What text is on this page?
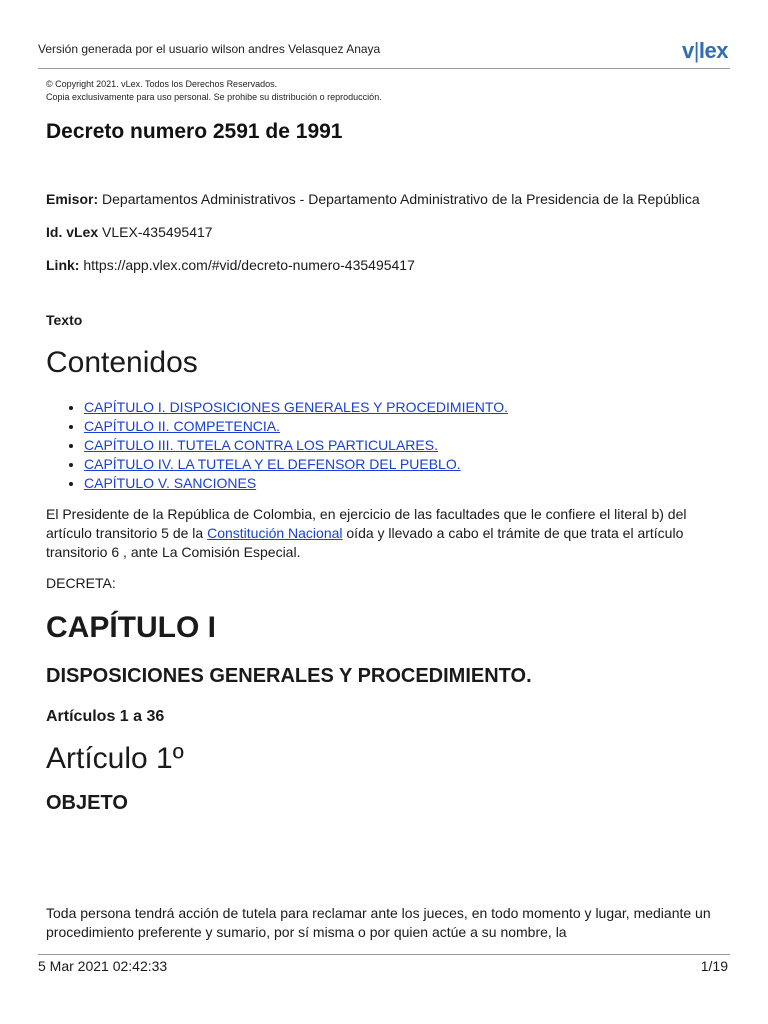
Versión generada por el usuario wilson andres Velasquez Anaya	v|lex
© Copyright 2021. vLex. Todos los Derechos Reservados.
Copia exclusivamente para uso personal. Se prohibe su distribución o reproducción.
Decreto numero 2591 de 1991

Emisor: Departamentos Administrativos - Departamento Administrativo de la Presidencia de la República

Id. vLex VLEX-435495417

Link: https://app.vlex.com/#vid/decreto-numero-435495417

Texto
Contenidos
• CAPÍTULO I. DISPOSICIONES GENERALES Y PROCEDIMIENTO.
• CAPÍTULO II. COMPETENCIA.
• CAPÍTULO III. TUTELA CONTRA LOS PARTICULARES.
• CAPÍTULO IV. LA TUTELA Y EL DEFENSOR DEL PUEBLO.
• CAPÍTULO V. SANCIONES

El Presidente de la República de Colombia, en ejercicio de las facultades que le confiere el literal b) del artículo transitorio 5 de la Constitución Nacional oída y llevado a cabo el trámite de que trata el artículo transitorio 6 , ante La Comisión Especial.

DECRETA:

CAPÍTULO I
DISPOSICIONES GENERALES Y PROCEDIMIENTO.
Artículos 1 a 36
Artículo 1º
OBJETO

Toda persona tendrá acción de tutela para reclamar ante los jueces, en todo momento y lugar, mediante un procedimiento preferente y sumario, por sí misma o por quien actúe a su nombre, la

5 Mar 2021 02:42:33	1/19
